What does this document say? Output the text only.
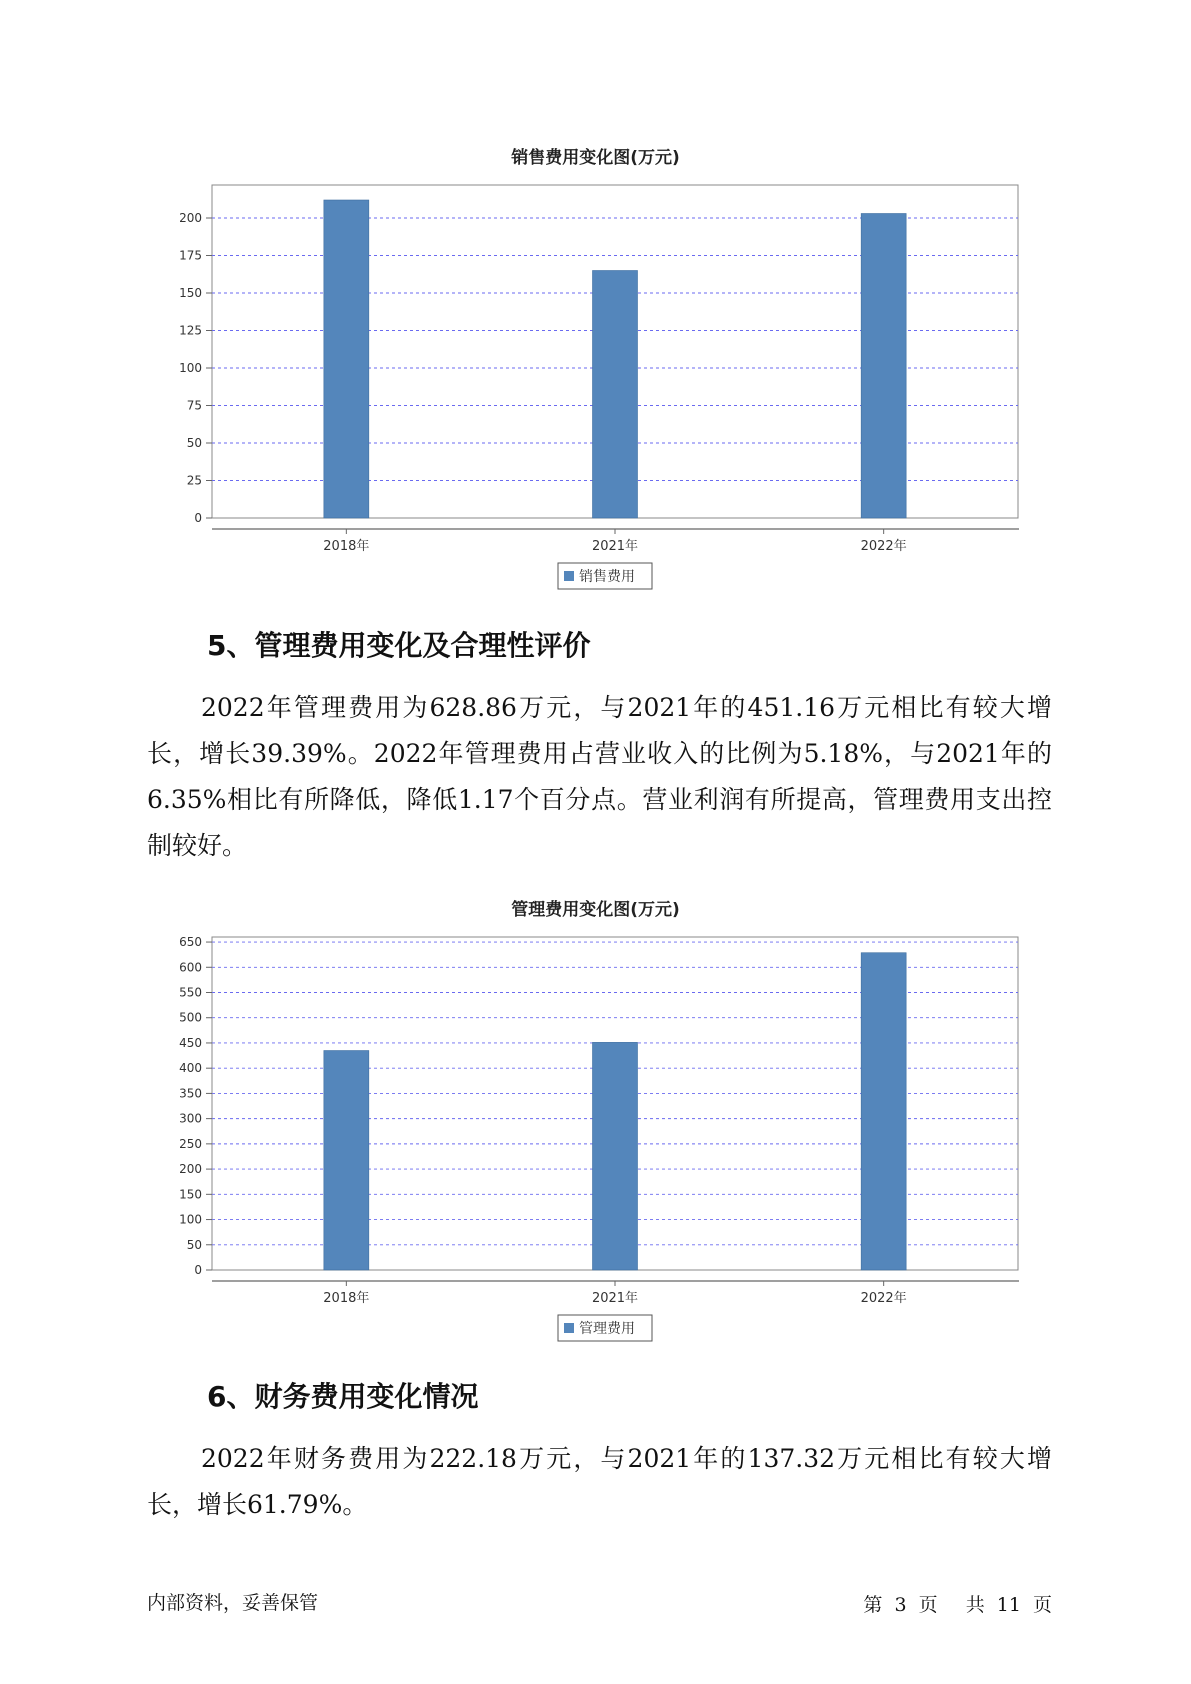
销售费用变化图(万元)
0
25
50
75
100
125
150
175
200
2018年	2021年	2022年
销售费用
5、管理费用变化及合理性评价

2022年管理费用为628.86万元，与2021年的451.16万元相比有较大增长，增长39.39%。2022年管理费用占营业收入的比例为5.18%，与2021年的6.35%相比有所降低，降低1.17个百分点。营业利润有所提高，管理费用支出控制较好。

管理费用变化图(万元)
0
50
100
150
200
250
300
350
400
450
500
550
600
650
2018年	2021年	2022年
管理费用
6、财务费用变化情况

2022年财务费用为222.18万元，与2021年的137.32万元相比有较大增长，增长61.79%。

内部资料，妥善保管	第 3 页 共 11 页
